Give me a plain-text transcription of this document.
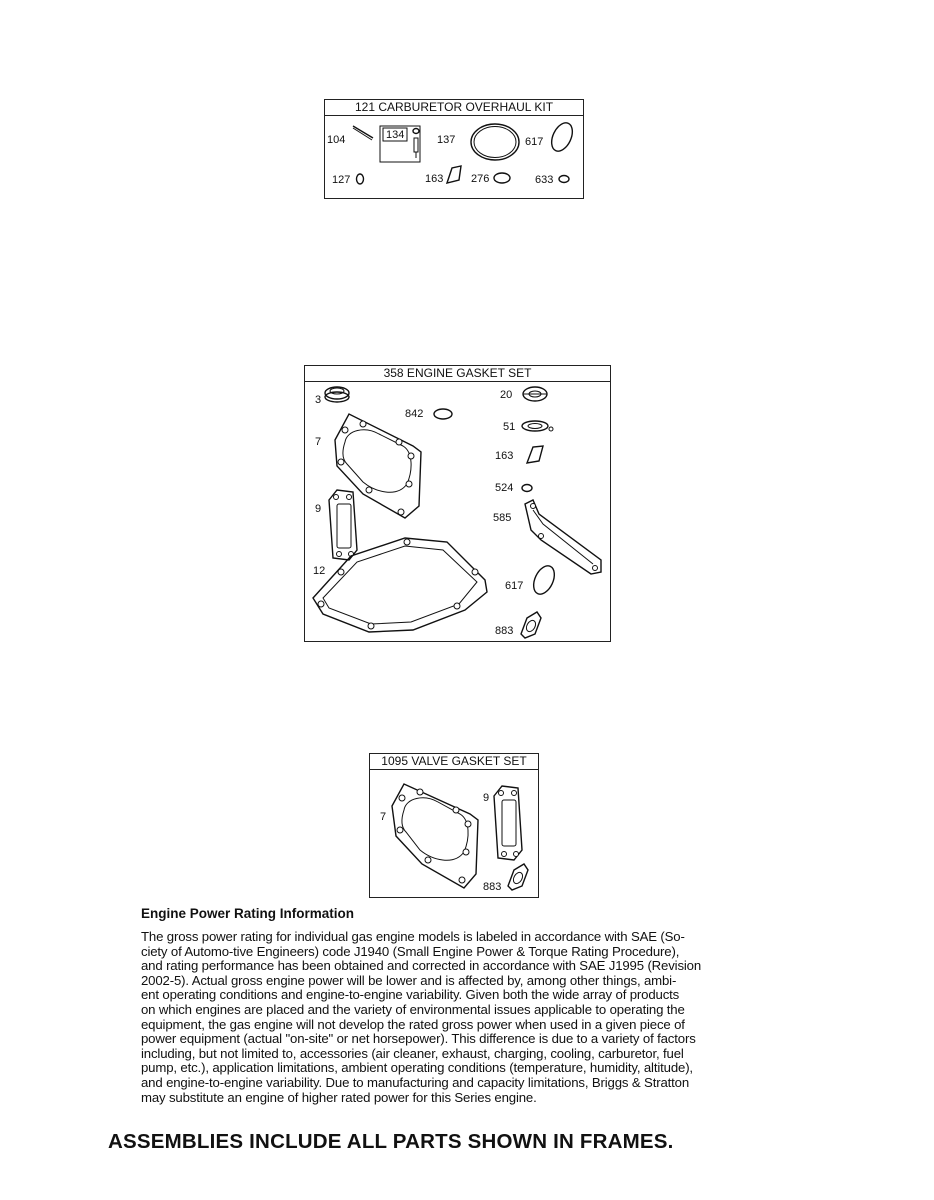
121 CARBURETOR OVERHAUL KIT
104	134	137	617
127	163	276	633
358 ENGINE GASKET SET
3
842
20
51
163
524
7
9
12
585
617
883
1095 VALVE GASKET SET
9
7
883
Engine Power Rating Information
The gross power rating for individual gas engine models is labeled in accordance with SAE (So-
ciety of Automo-tive Engineers) code J1940 (Small Engine Power & Torque Rating Procedure),
and rating performance has been obtained and corrected in accordance with SAE J1995 (Revision
2002-5). Actual gross engine power will be lower and is affected by, among other things, ambi-
ent operating conditions and engine-to-engine variability. Given both the wide array of products
on which engines are placed and the variety of environmental issues applicable to operating the
equipment, the gas engine will not develop the rated gross power when used in a given piece of
power equipment (actual "on-site" or net horsepower). This difference is due to a variety of factors
including, but not limited to, accessories (air cleaner, exhaust, charging, cooling, carburetor, fuel
pump, etc.), application limitations, ambient operating conditions (temperature, humidity, altitude),
and engine-to-engine variability. Due to manufacturing and capacity limitations, Briggs & Stratton
may substitute an engine of higher rated power for this Series engine.
ASSEMBLIES INCLUDE ALL PARTS SHOWN IN FRAMES.
